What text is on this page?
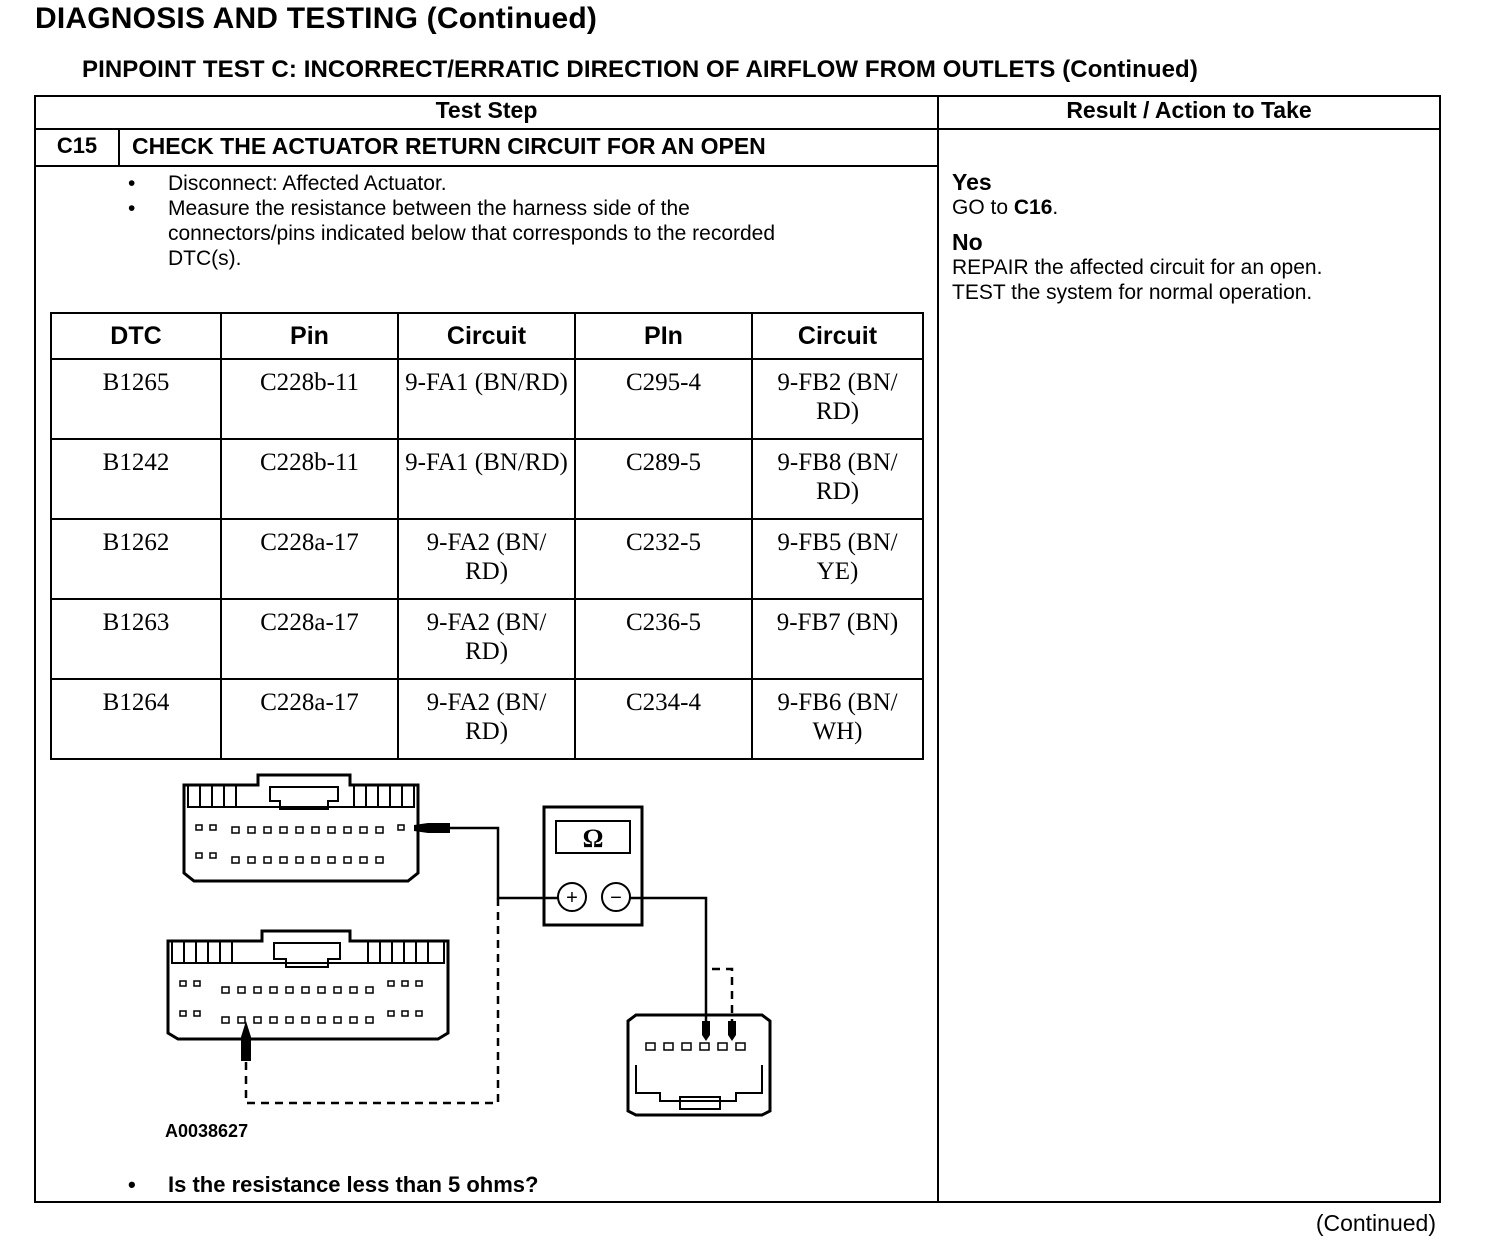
DIAGNOSIS AND TESTING (Continued)
PINPOINT TEST C: INCORRECT/ERRATIC DIRECTION OF AIRFLOW FROM OUTLETS (Continued)
Test Step	Result / Action to Take
C15	CHECK THE ACTUATOR RETURN CIRCUIT FOR AN OPEN
• Disconnect: Affected Actuator.
• Measure the resistance between the harness side of the connectors/pins indicated below that corresponds to the recorded DTC(s).
DTC	Pin	Circuit	PIn	Circuit
B1265	C228b-11	9-FA1 (BN/RD)	C295-4	9-FB2 (BN/ RD)
B1242	C228b-11	9-FA1 (BN/RD)	C289-5	9-FB8 (BN/ RD)
B1262	C228a-17	9-FA2 (BN/ RD)	C232-5	9-FB5 (BN/ YE)
B1263	C228a-17	9-FA2 (BN/ RD)	C236-5	9-FB7 (BN)
B1264	C228a-17	9-FA2 (BN/ RD)	C234-4	9-FB6 (BN/ WH)
Ω
+ −
A0038627
• Is the resistance less than 5 ohms?
Yes
GO to C16.
No
REPAIR the affected circuit for an open.
TEST the system for normal operation.
(Continued)
